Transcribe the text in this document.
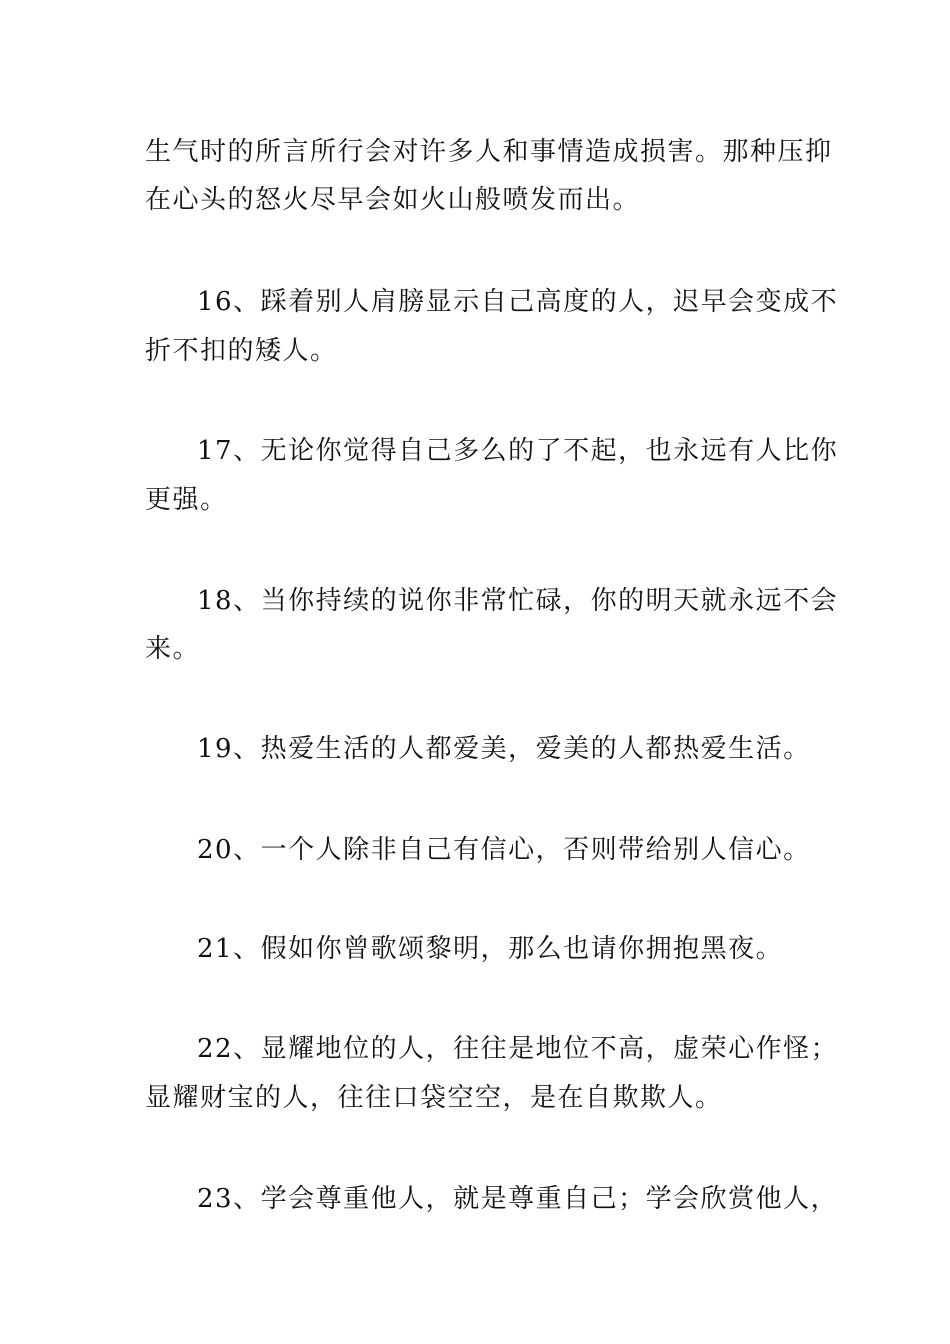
生气时的所言所行会对许多人和事情造成损害。那种压抑
在心头的怒火尽早会如火山般喷发而出。
16、踩着别人肩膀显示自己高度的人，迟早会变成不
折不扣的矮人。
17、无论你觉得自己多么的了不起，也永远有人比你
更强。
18、当你持续的说你非常忙碌，你的明天就永远不会
来。
19、热爱生活的人都爱美，爱美的人都热爱生活。
20、一个人除非自己有信心，否则带给别人信心。
21、假如你曾歌颂黎明，那么也请你拥抱黑夜。
22、显耀地位的人，往往是地位不高，虚荣心作怪；
显耀财宝的人，往往口袋空空，是在自欺欺人。
23、学会尊重他人，就是尊重自己；学会欣赏他人，
